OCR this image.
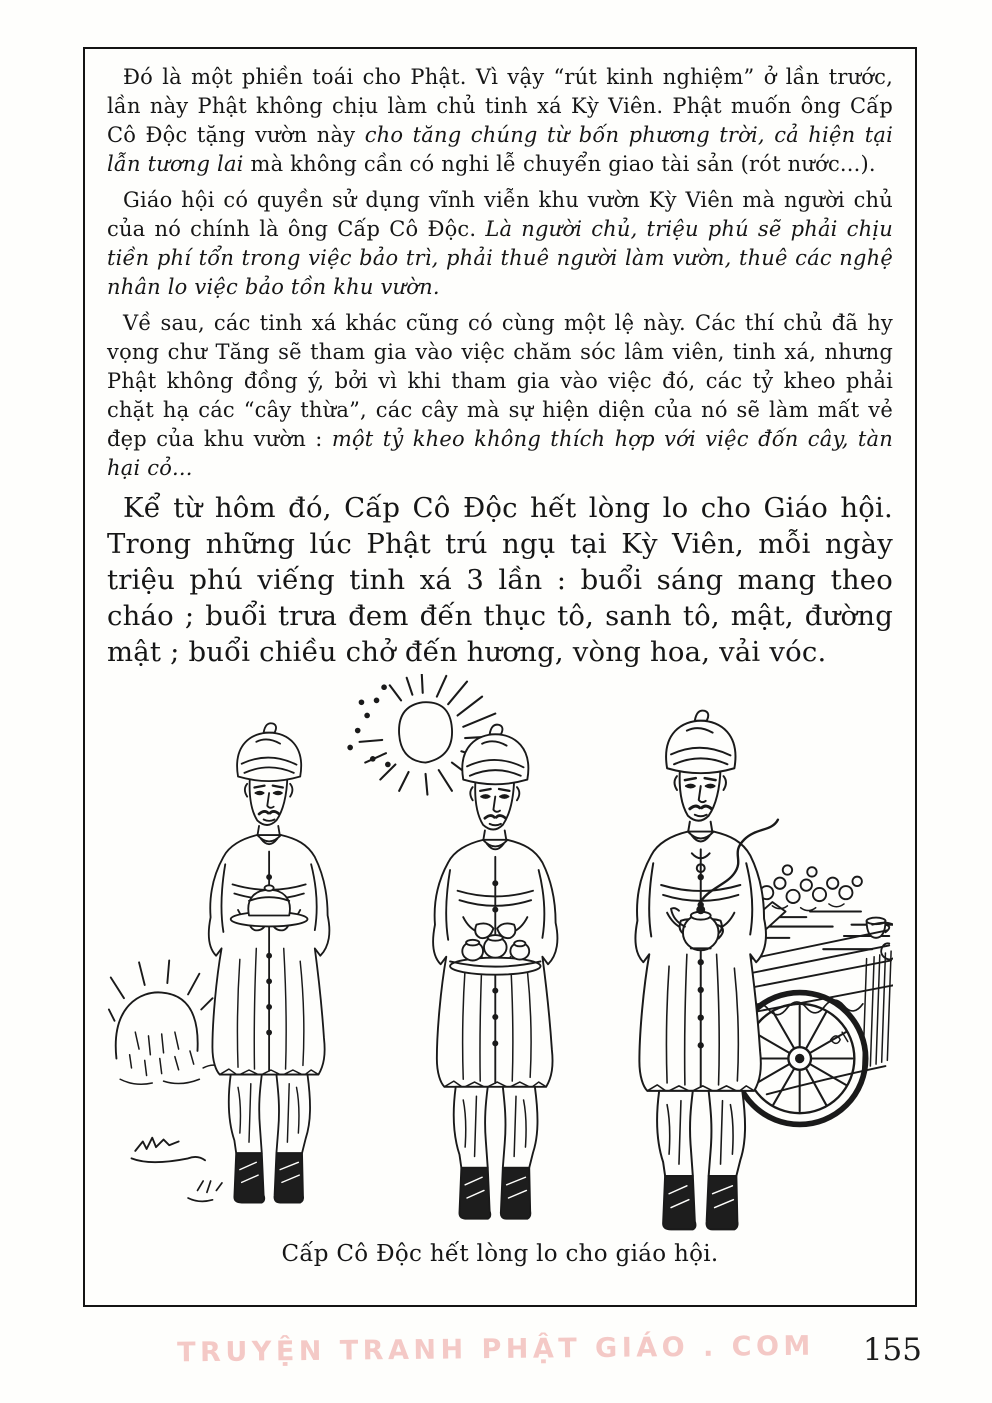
Đó là một phiền toái cho Phật. Vì vậy “rút kinh nghiệm” ở lần trước, lần này Phật không chịu làm chủ tinh xá Kỳ Viên. Phật muốn ông Cấp Cô Độc tặng vườn này cho tăng chúng từ bốn phương trời, cả hiện tại lẫn tương lai mà không cần có nghi lễ chuyển giao tài sản (rót nước...).

Giáo hội có quyền sử dụng vĩnh viễn khu vườn Kỳ Viên mà người chủ của nó chính là ông Cấp Cô Độc. Là người chủ, triệu phú sẽ phải chịu tiền phí tổn trong việc bảo trì, phải thuê người làm vườn, thuê các nghệ nhân lo việc bảo tồn khu vườn.

Về sau, các tinh xá khác cũng có cùng một lệ này. Các thí chủ đã hy vọng chư Tăng sẽ tham gia vào việc chăm sóc lâm viên, tinh xá, nhưng Phật không đồng ý, bởi vì khi tham gia vào việc đó, các tỷ kheo phải chặt hạ các “cây thừa”, các cây mà sự hiện diện của nó sẽ làm mất vẻ đẹp của khu vườn : một tỷ kheo không thích hợp với việc đốn cây, tàn hại cỏ...

Kể từ hôm đó, Cấp Cô Độc hết lòng lo cho Giáo hội. Trong những lúc Phật trú ngụ tại Kỳ Viên, mỗi ngày triệu phú viếng tinh xá 3 lần : buổi sáng mang theo cháo ; buổi trưa đem đến thục tô, sanh tô, mật, đường mật ; buổi chiều chở đến hương, vòng hoa, vải vóc.

Cấp Cô Độc hết lòng lo cho giáo hội.
TRUYỆN TRANH PHẬT GIÁO . COM	155
